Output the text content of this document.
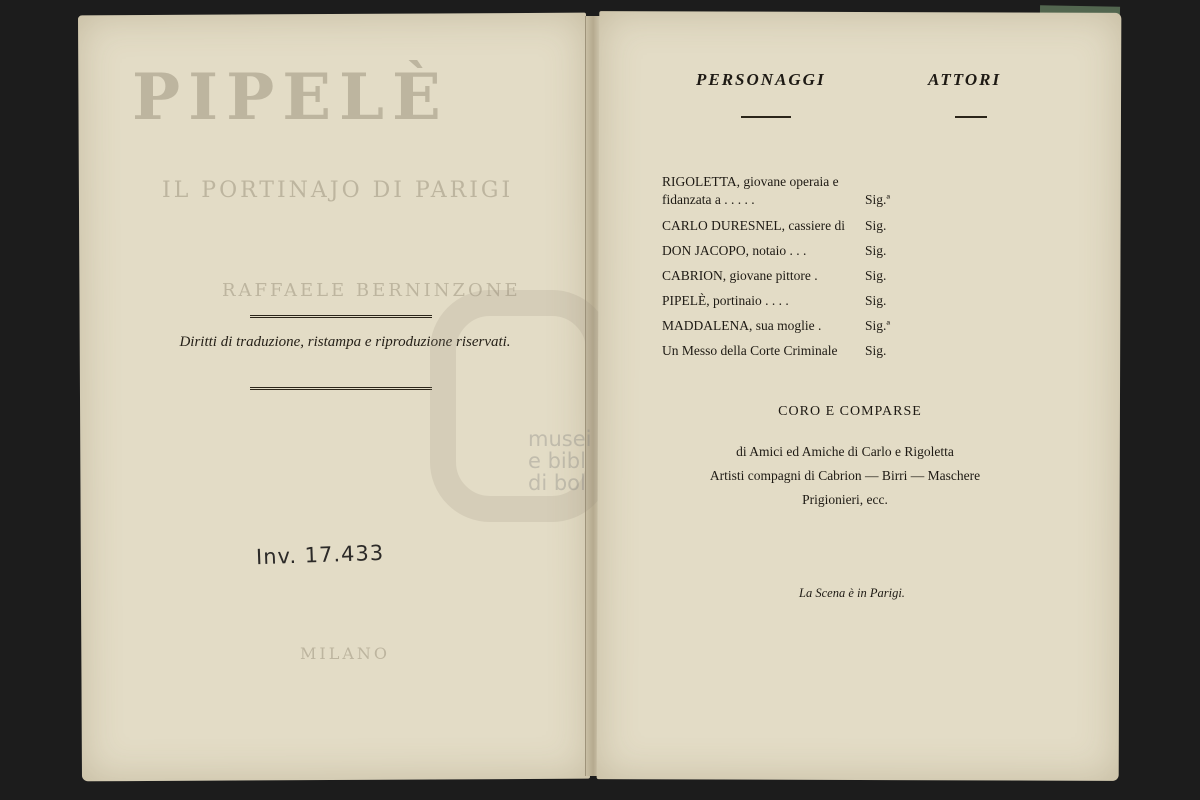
PIPELÈ
IL PORTINAJO DI PARIGI
RAFFAELE BERNINZONE
MILANO
Diritti di traduzione, ristampa e riproduzione riservati.
Inv. 17.433
musei
e bibl
di bol
PERSONAGGI	ATTORI
RIGOLETTA, giovane operaia e
fidanzata a . . . . .	Sig.ª
CARLO DURESNEL, cassiere di Sig.
DON JACOPO, notaio . . .	Sig.
CABRION, giovane pittore .	Sig.
PIPELÈ, portinaio . . . .	Sig.
MADDALENA, sua moglie .	Sig.ª
Un Messo della Corte Criminale Sig.
CORO E COMPARSE
di Amici ed Amiche di Carlo e Rigoletta
Artisti compagni di Cabrion — Birri — Maschere
Prigionieri, ecc.
La Scena è in Parigi.
